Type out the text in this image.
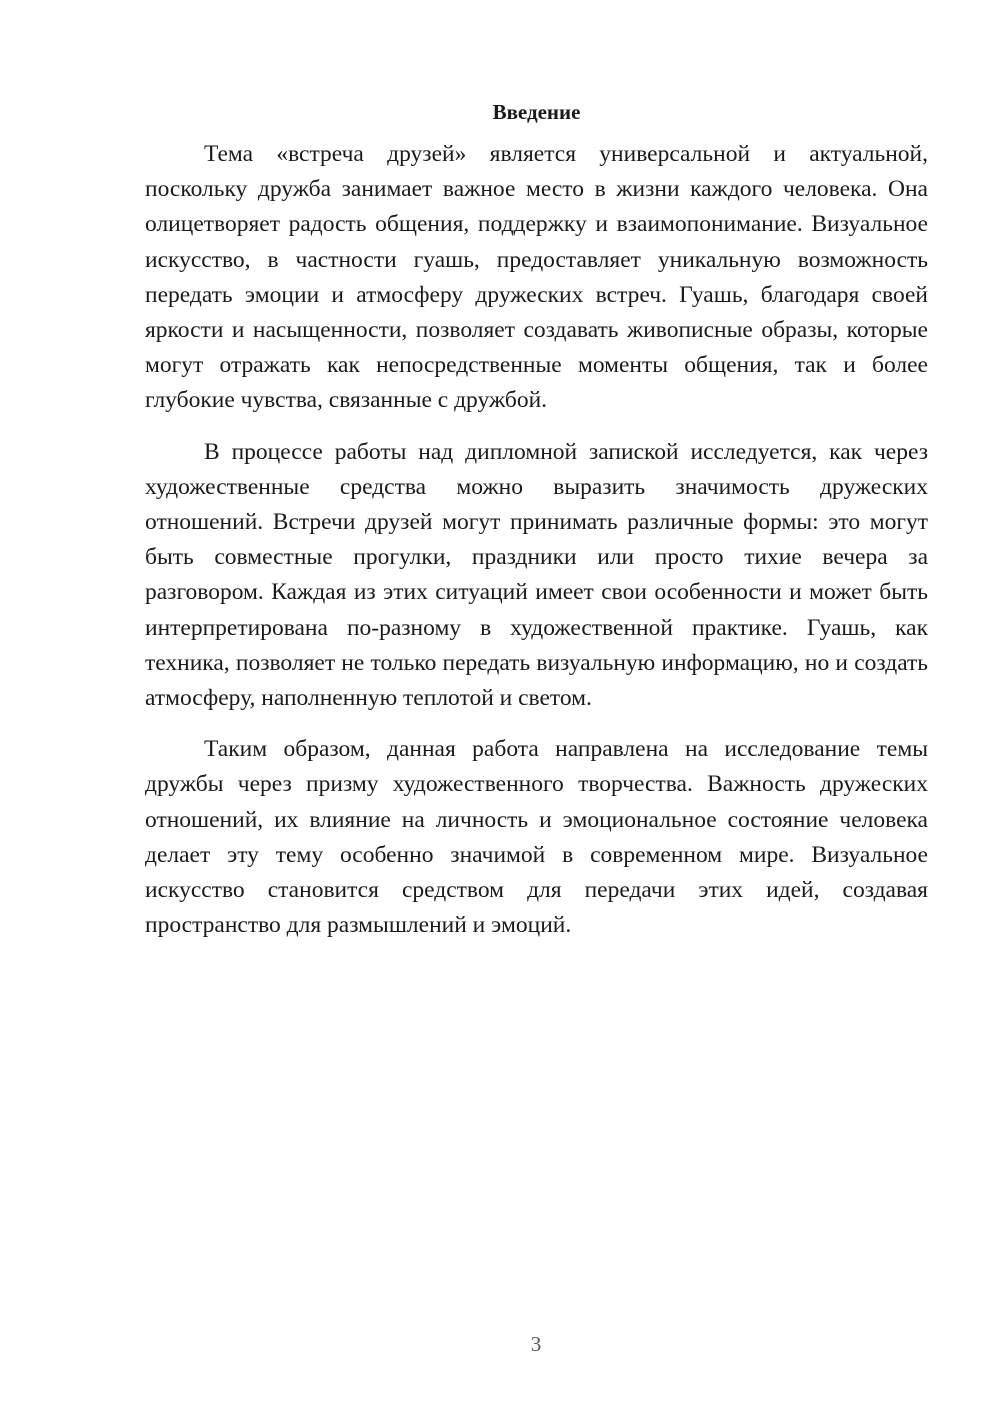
Введение

Тема «встреча друзей» является универсальной и актуальной, поскольку дружба занимает важное место в жизни каждого человека. Она олицетворяет радость общения, поддержку и взаимопонимание. Визуальное искусство, в частности гуашь, предоставляет уникальную возможность передать эмоции и атмосферу дружеских встреч. Гуашь, благодаря своей яркости и насыщенности, позволяет создавать живописные образы, которые могут отражать как непосредственные моменты общения, так и более глубокие чувства, связанные с дружбой.

В процессе работы над дипломной запиской исследуется, как через художественные средства можно выразить значимость дружеских отношений. Встречи друзей могут принимать различные формы: это могут быть совместные прогулки, праздники или просто тихие вечера за разговором. Каждая из этих ситуаций имеет свои особенности и может быть интерпретирована по-разному в художественной практике. Гуашь, как техника, позволяет не только передать визуальную информацию, но и создать атмосферу, наполненную теплотой и светом.

Таким образом, данная работа направлена на исследование темы дружбы через призму художественного творчества. Важность дружеских отношений, их влияние на личность и эмоциональное состояние человека делает эту тему особенно значимой в современном мире. Визуальное искусство становится средством для передачи этих идей, создавая пространство для размышлений и эмоций.

3
